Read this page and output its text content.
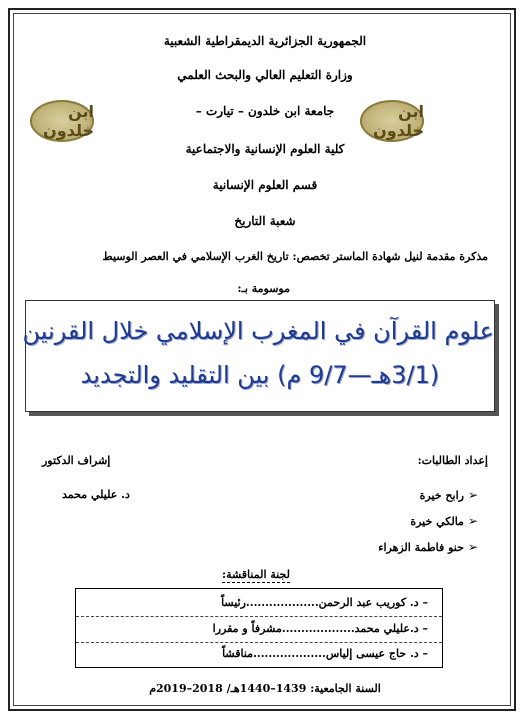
الجمهورية الجزائرية الديمقراطية الشعبية
وزارة التعليم العالي والبحث العلمي
جامعة ابن خلدون – تيارت –
كلية العلوم الإنسانية والاجتماعية
قسم العلوم الإنسانية
شعبة التاريخ
ابن خلدون
ابن خلدون
مذكرة مقدمة لنيل شهادة الماستر تخصص: تاريخ الغرب الإسلامي في العصر الوسيط
موسومة بـ:
علوم القرآن في المغرب الإسلامي خلال القرنين
(3/1هـ—9/7 م) بين التقليد والتجديد
إعداد الطالبات:
إشراف الدكتور
➢رابح خيرة
د. عليلي محمد
➢مالكي خيرة
➢حنو فاطمة الزهراء
لجنة المناقشة:
– د. كوريب عبد الرحمن...................رئيساً
– د.عليلي محمد...................مشرفاً و مقررا
– د. حاج عيسى إلياس...................مناقشاً
السنة الجامعية: 1439–1440هـ/ 2018–2019م
